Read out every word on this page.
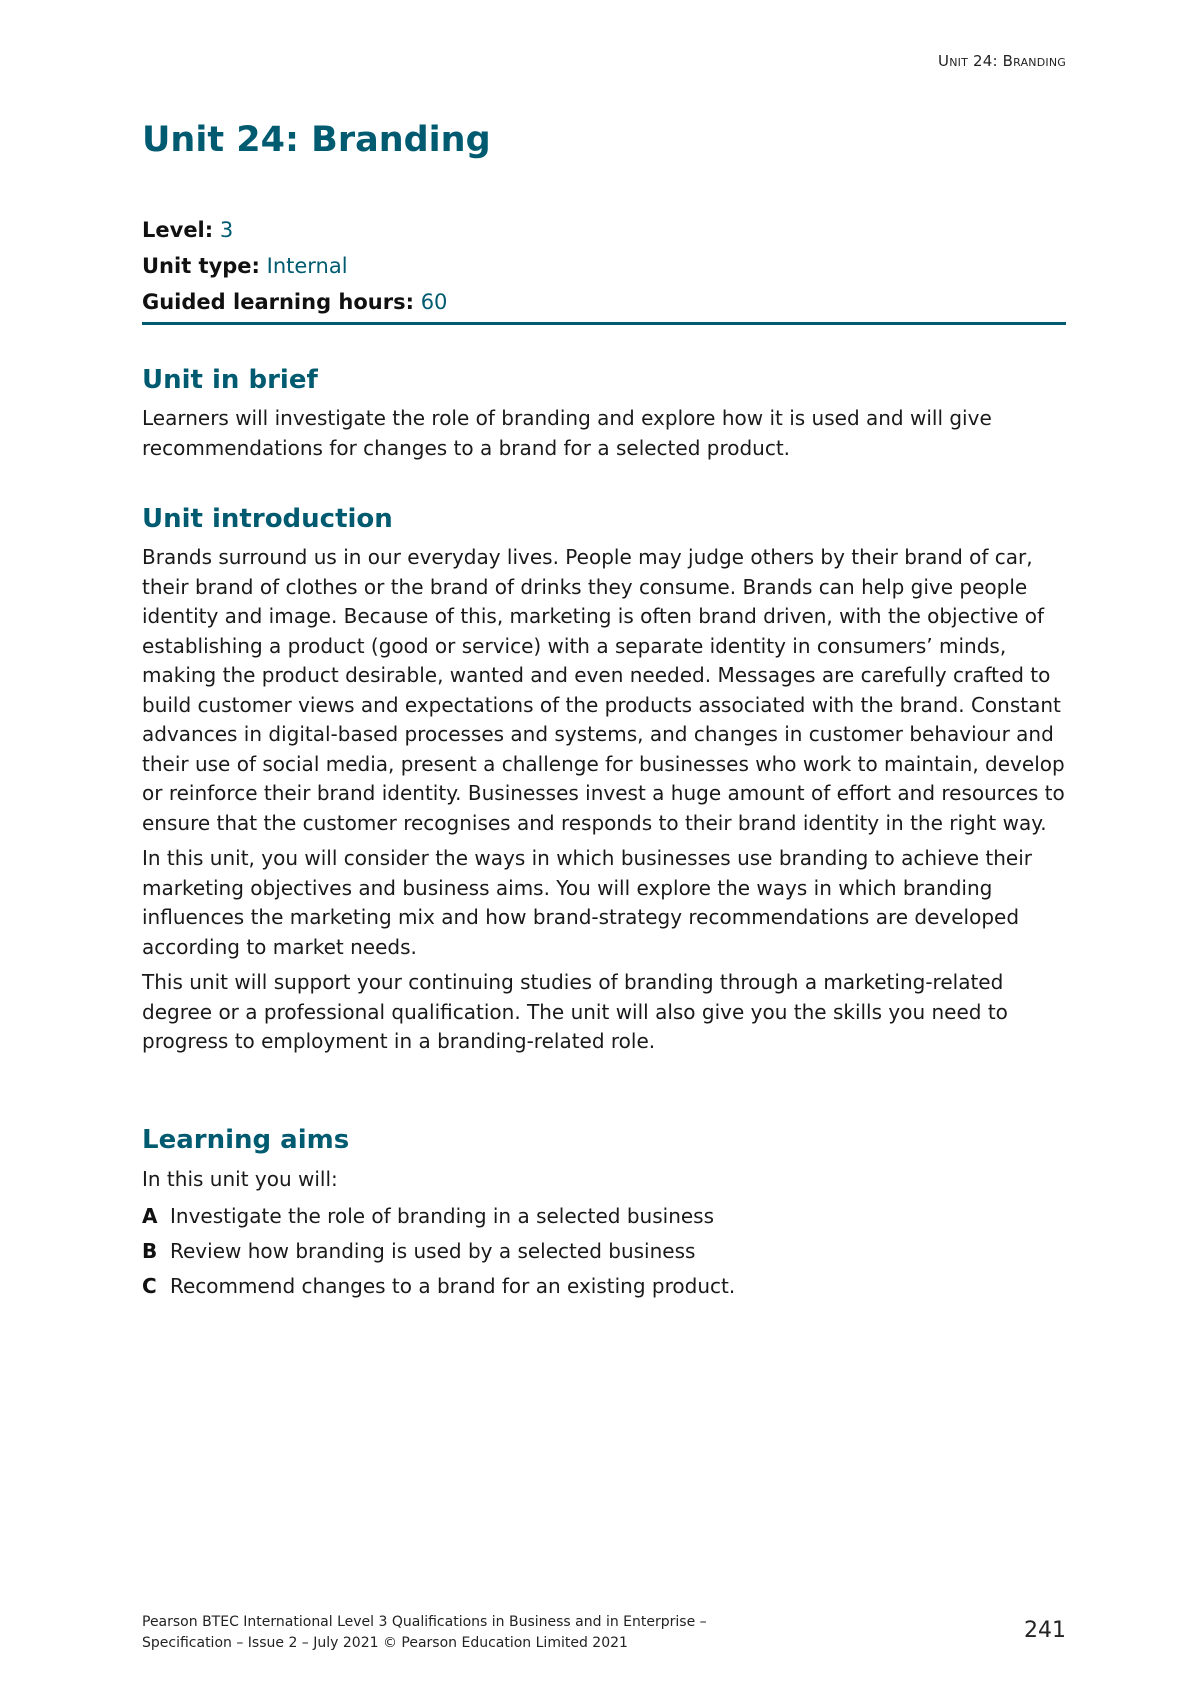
Unit 24: Branding
Unit 24: Branding
Level: 3
Unit type: Internal
Guided learning hours: 60
Unit in brief

Learners will investigate the role of branding and explore how it is used and will give recommendations for changes to a brand for a selected product.

Unit introduction

Brands surround us in our everyday lives. People may judge others by their brand of car, their brand of clothes or the brand of drinks they consume. Brands can help give people identity and image. Because of this, marketing is often brand driven, with the objective of establishing a product (good or service) with a separate identity in consumers’ minds, making the product desirable, wanted and even needed. Messages are carefully crafted to build customer views and expectations of the products associated with the brand. Constant advances in digital-based processes and systems, and changes in customer behaviour and their use of social media, present a challenge for businesses who work to maintain, develop or reinforce their brand identity. Businesses invest a huge amount of effort and resources to ensure that the customer recognises and responds to their brand identity in the right way.

In this unit, you will consider the ways in which businesses use branding to achieve their marketing objectives and business aims. You will explore the ways in which branding influences the marketing mix and how brand-strategy recommendations are developed according to market needs.

This unit will support your continuing studies of branding through a marketing-related degree or a professional qualification. The unit will also give you the skills you need to progress to employment in a branding-related role.

Learning aims

In this unit you will:

A Investigate the role of branding in a selected business
B Review how branding is used by a selected business
C Recommend changes to a brand for an existing product.
Pearson BTEC International Level 3 Qualifications in Business and in Enterprise –
Specification – Issue 2 – July 2021 © Pearson Education Limited 2021	241
